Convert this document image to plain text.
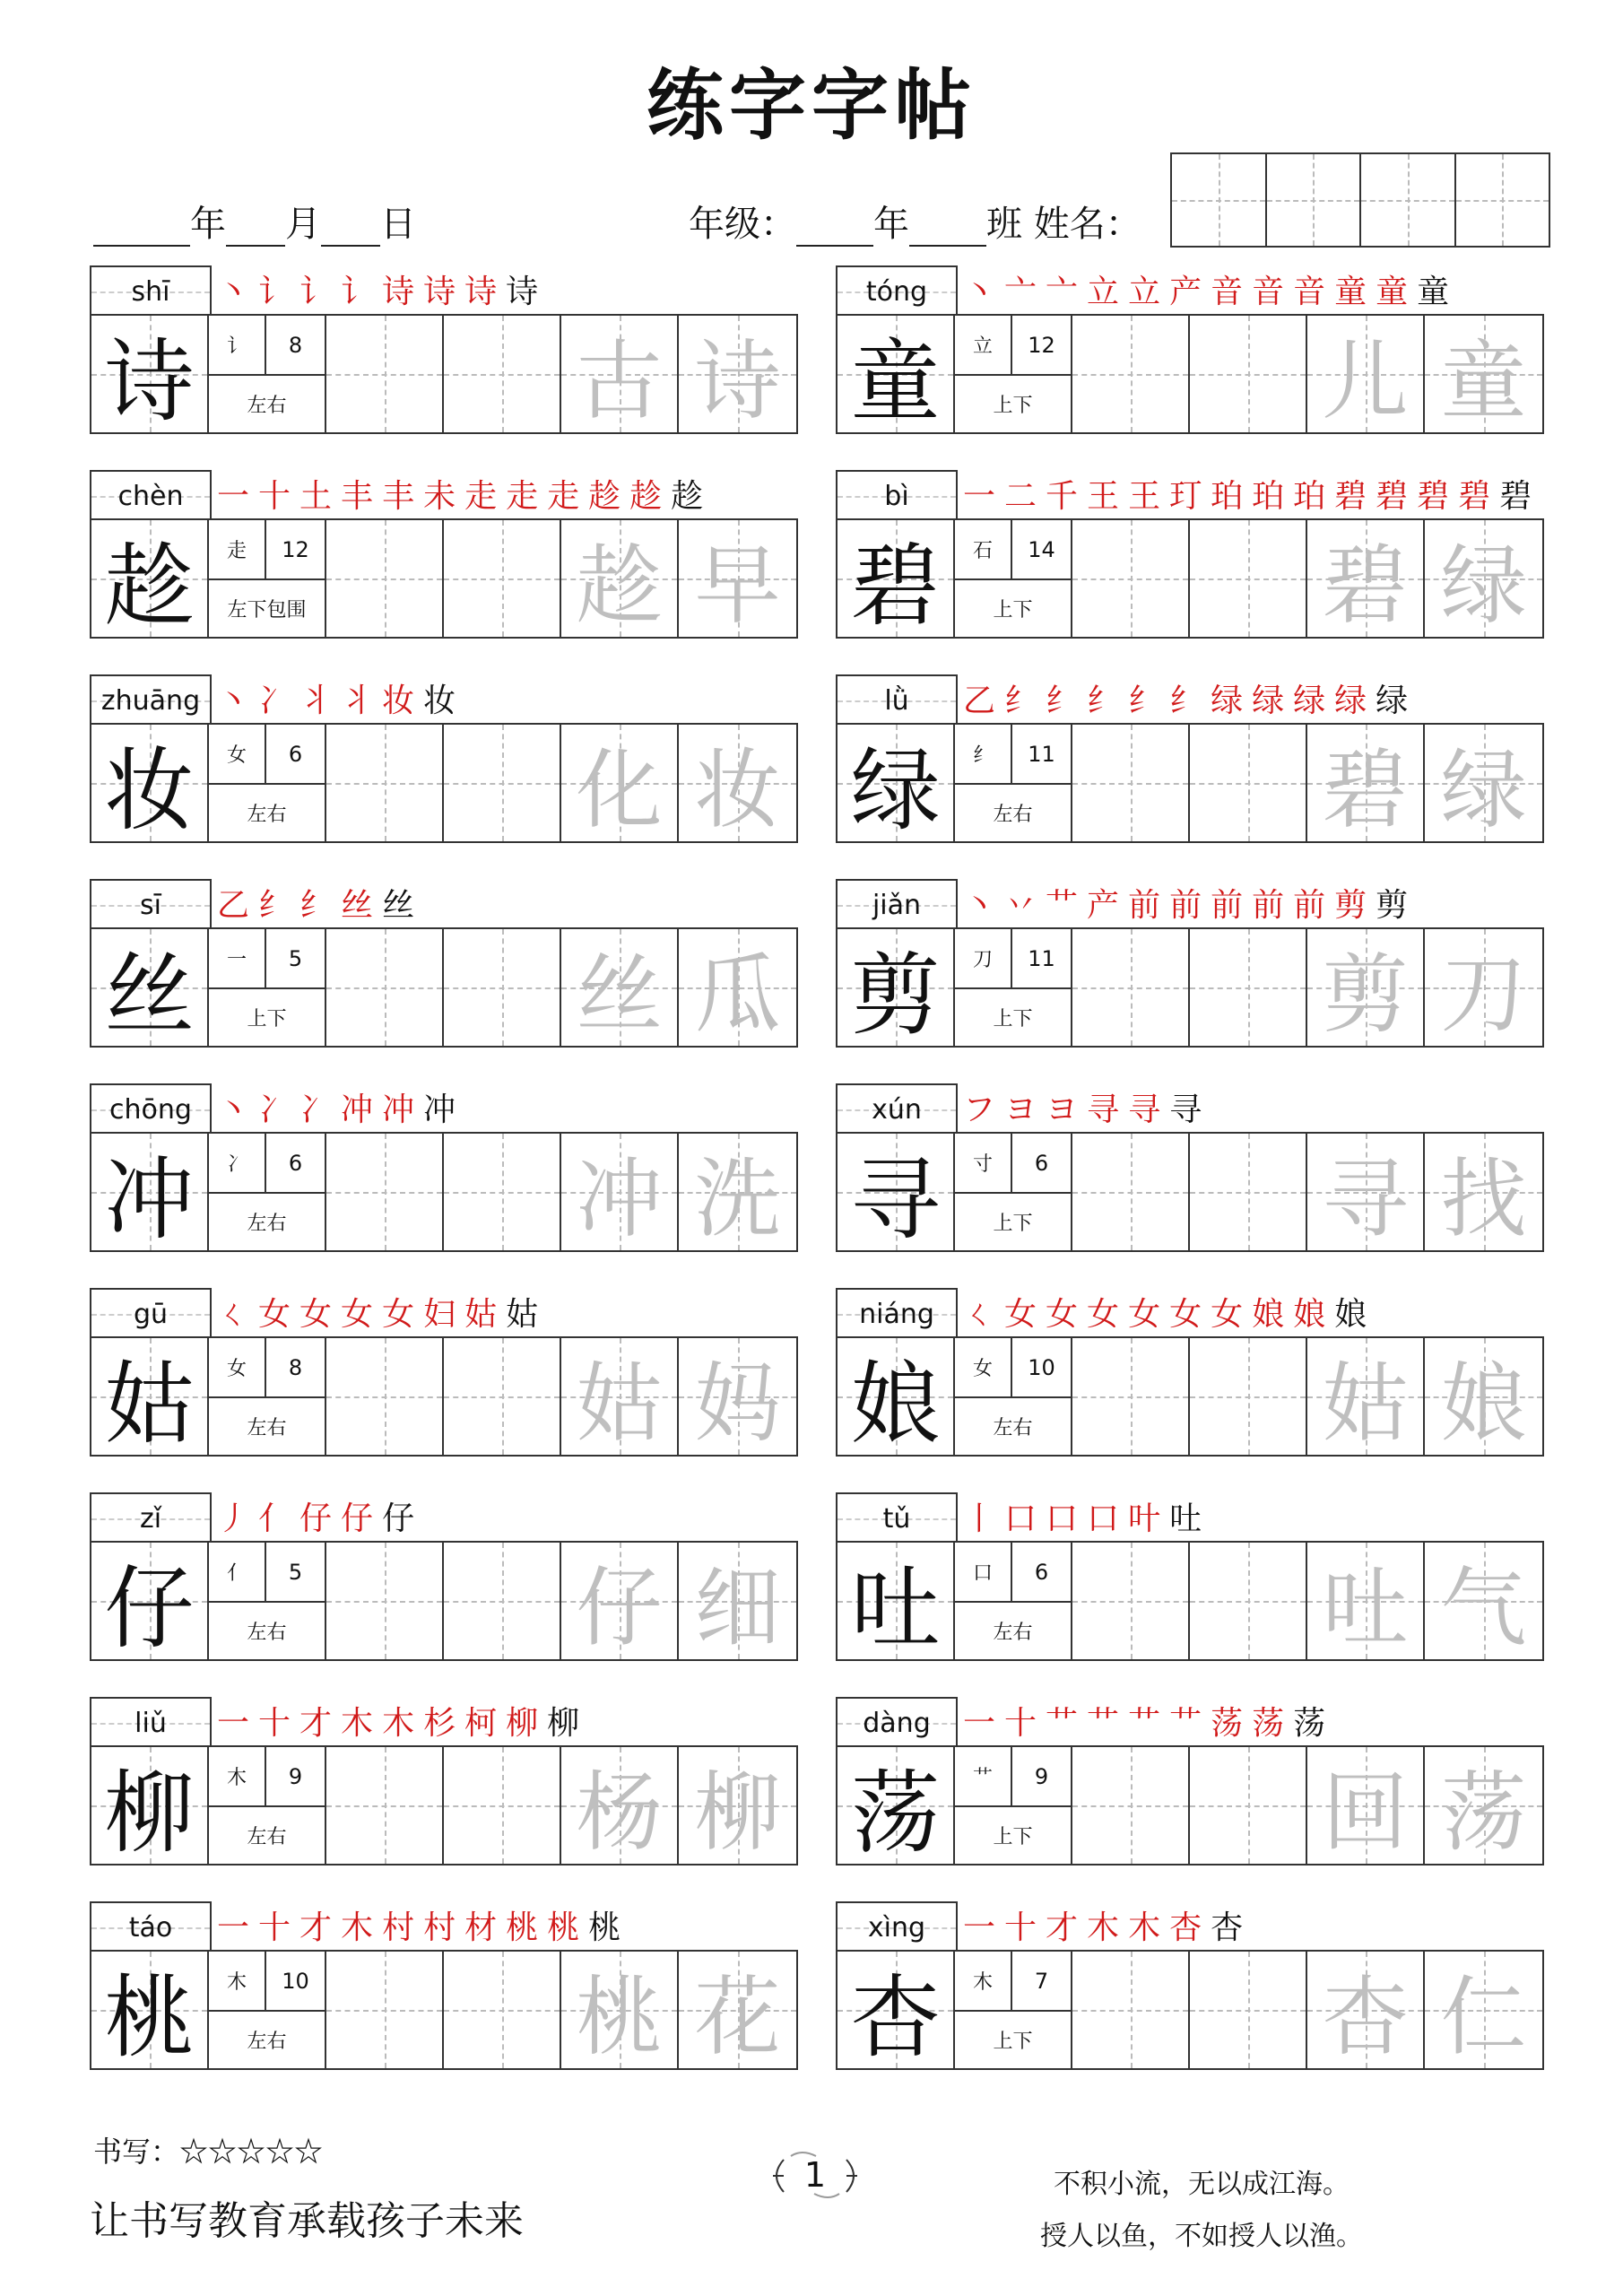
练字字帖
年 月 日	年级： 年 班 姓名：
shī 丶 讠 讠 讠 诗 诗 诗 诗
诗	讠	8
左右	古 诗
tóng 丶 亠 亠 立 立 产 音 音 音 童 童 童
童	立	12
上下	儿 童
chèn 一 十 土 丰 丰 未 走 走 走 趁 趁 趁
趁	走	12
左下包围	趁 早
bì 一 二 千 王 王 玎 珀 珀 珀 碧 碧 碧 碧 碧
碧	石	14
上下	碧 绿
zhuāng 丶 冫 丬 丬 妆 妆
妆	女	6
左右	化 妆
lǜ 乙 纟 纟 纟 纟 纟 绿 绿 绿 绿 绿
绿	纟	11
左右	碧 绿
sī 乙 纟 纟 丝 丝
丝	一	5
上下	丝 瓜
jiǎn 丶 丷 艹 产 前 前 前 前 前 剪 剪
剪	刀	11
上下	剪 刀
chōng 丶 冫 冫 冲 冲 冲
冲	冫	6
左右	冲 洗
xún フ ヨ ヨ 寻 寻 寻
寻	寸	6
上下	寻 找
gū ㄑ 女 女 女 女 妇 姑 姑
姑	女	8
左右	姑 妈
niáng ㄑ 女 女 女 女 女 女 娘 娘 娘
娘	女	10
左右	姑 娘
zǐ 丿 亻 仔 仔 仔
仔	亻	5
左右	仔 细
tǔ 丨 口 口 口 叶 吐
吐	口	6
左右	吐 气
liǔ 一 十 才 木 木 杉 柯 柳 柳
柳	木	9
左右	杨 柳
dàng 一 十 艹 艹 艹 艹 荡 荡 荡
荡	艹	9
上下	回 荡
táo 一 十 才 木 村 村 材 桃 桃 桃
桃	木	10
左右	桃 花
xìng 一 十 才 木 木 杏 杏
杏	木	7
上下	杏 仁
书写：☆☆☆☆☆
让书写教育承载孩子未来
1	不积小流，无以成江海。
授人以鱼，不如授人以渔。
